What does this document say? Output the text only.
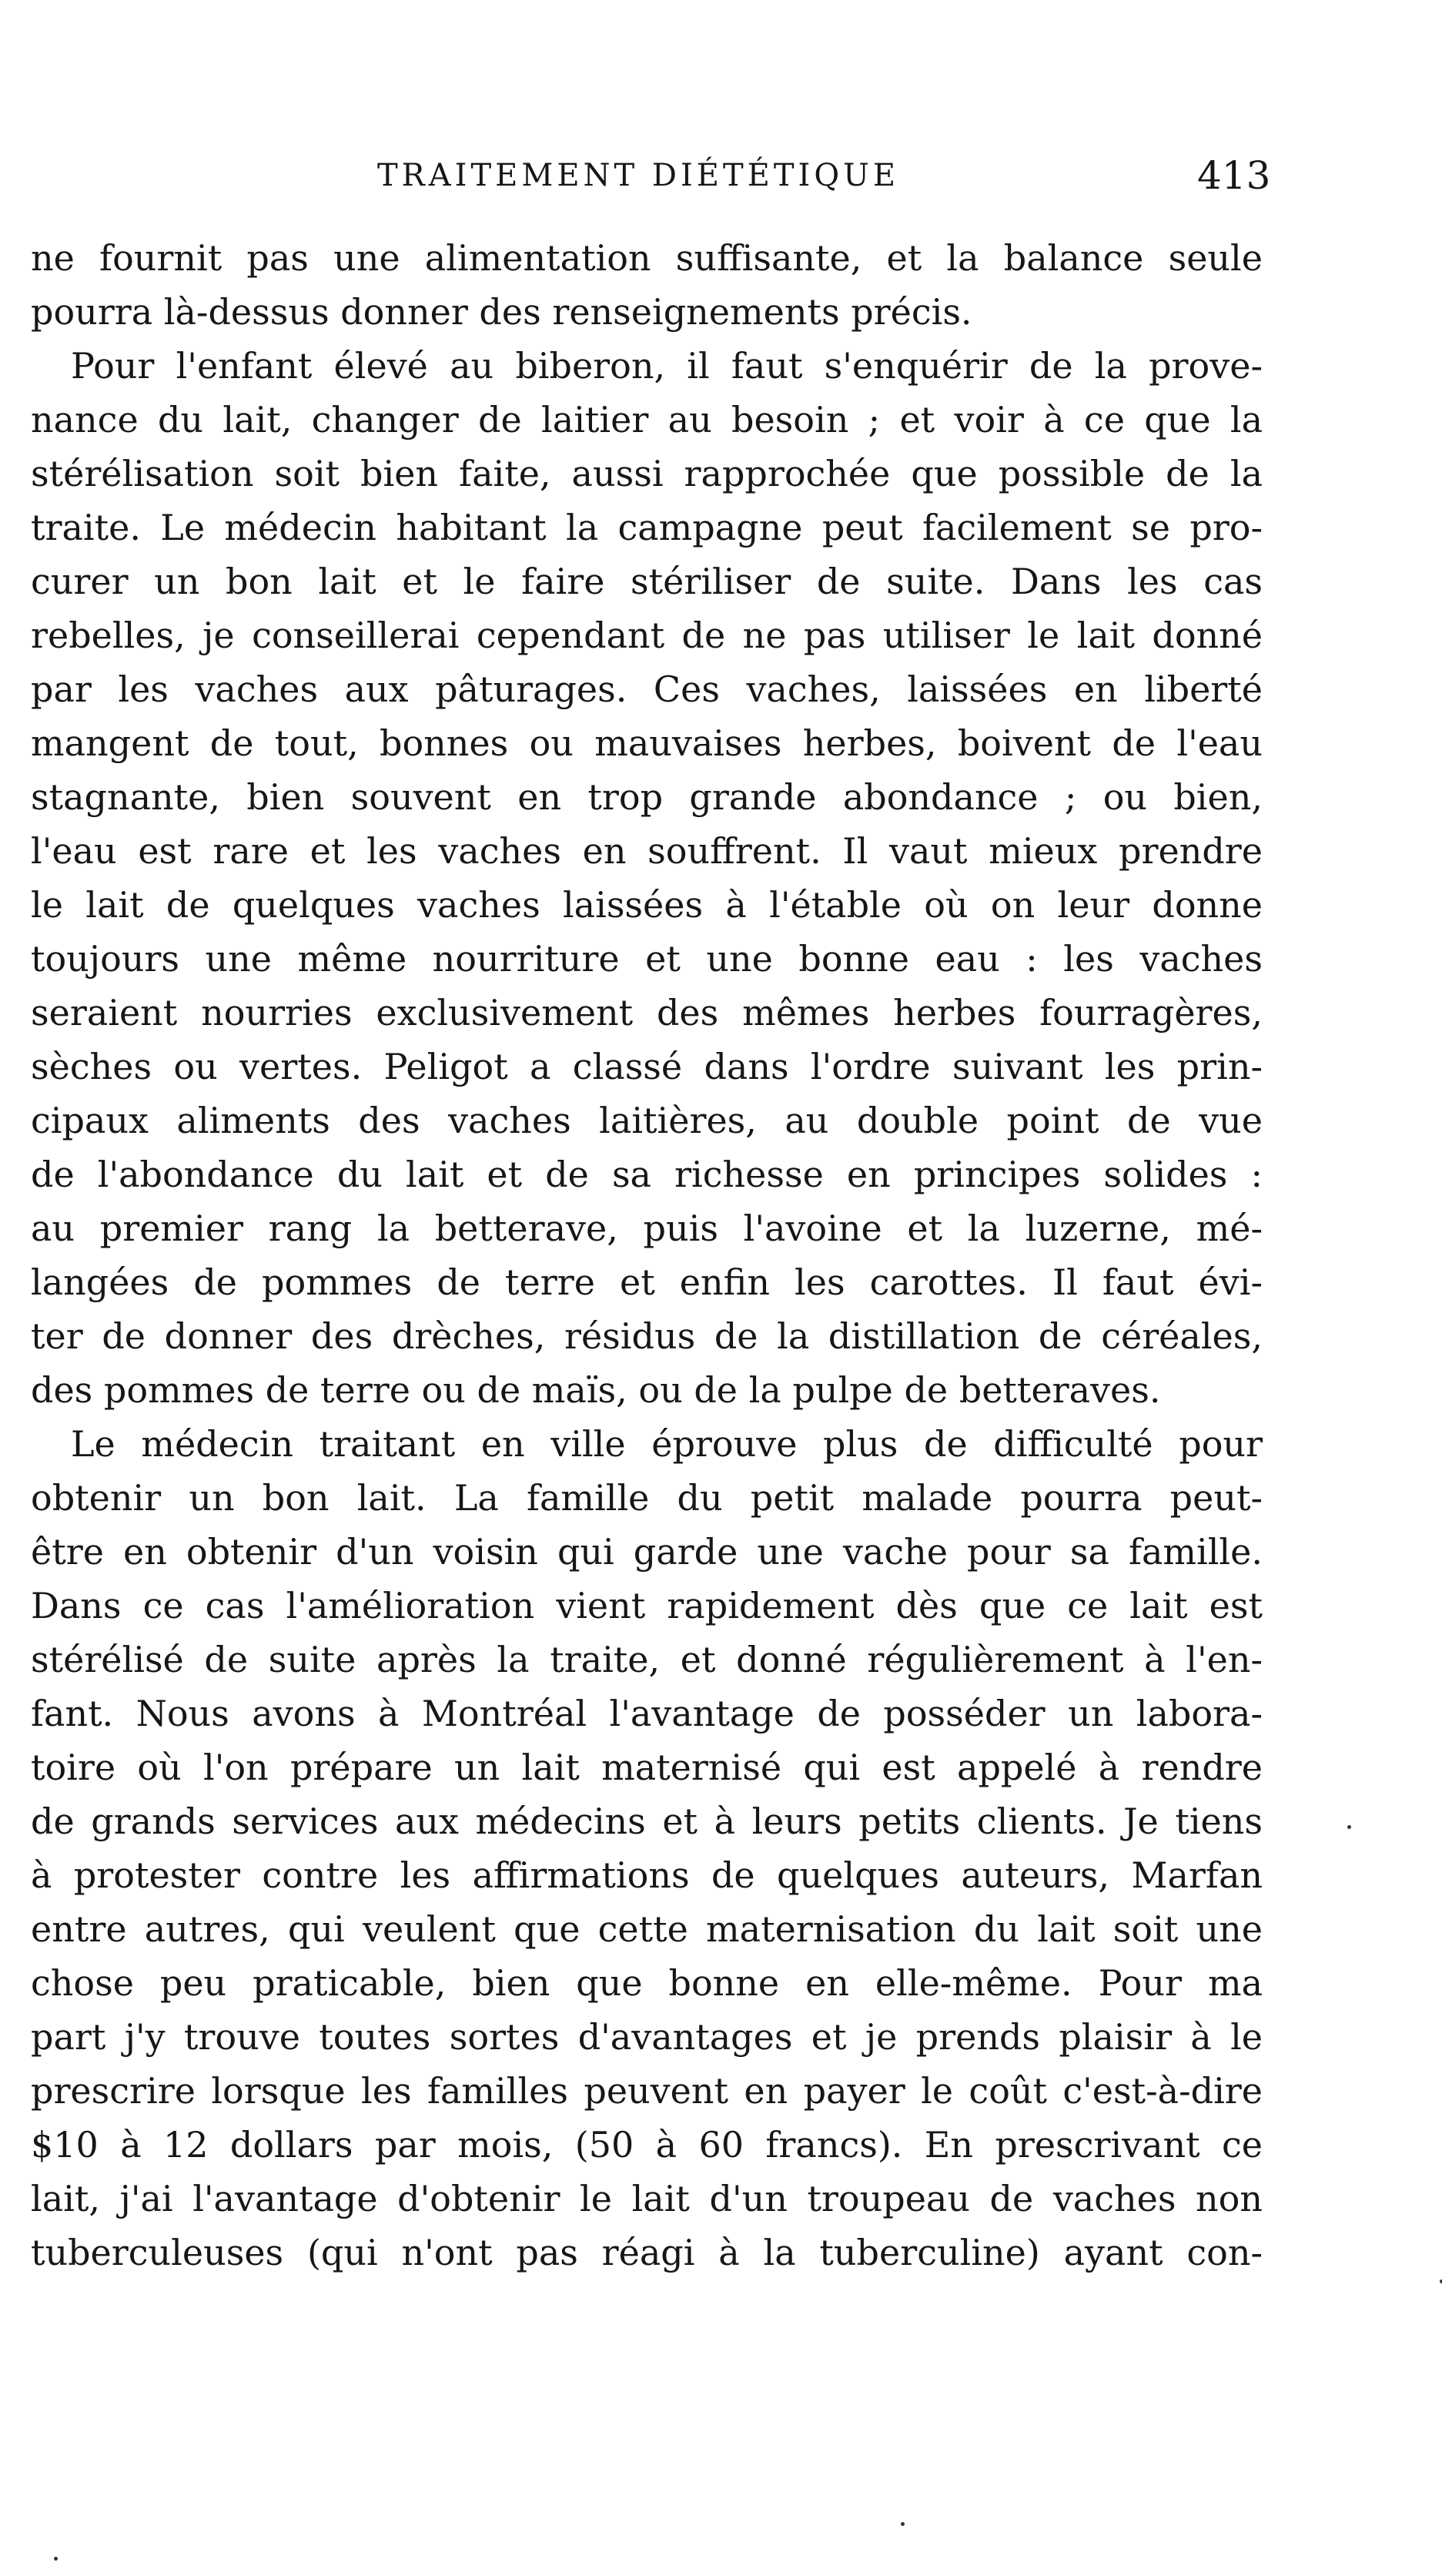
TRAITEMENT DIÉTÉTIQUE	413
ne fournit pas une alimentation suffisante, et la balance seule
pourra là-dessus donner des renseignements précis.
Pour l'enfant élevé au biberon, il faut s'enquérir de la prove-
nance du lait, changer de laitier au besoin ; et voir à ce que la
stérélisation soit bien faite, aussi rapprochée que possible de la
traite. Le médecin habitant la campagne peut facilement se pro-
curer un bon lait et le faire stériliser de suite. Dans les cas
rebelles, je conseillerai cependant de ne pas utiliser le lait donné
par les vaches aux pâturages. Ces vaches, laissées en liberté
mangent de tout, bonnes ou mauvaises herbes, boivent de l'eau
stagnante, bien souvent en trop grande abondance ; ou bien,
l'eau est rare et les vaches en souffrent. Il vaut mieux prendre
le lait de quelques vaches laissées à l'étable où on leur donne
toujours une même nourriture et une bonne eau : les vaches
seraient nourries exclusivement des mêmes herbes fourragères,
sèches ou vertes. Peligot a classé dans l'ordre suivant les prin-
cipaux aliments des vaches laitières, au double point de vue
de l'abondance du lait et de sa richesse en principes solides :
au premier rang la betterave, puis l'avoine et la luzerne, mé-
langées de pommes de terre et enfin les carottes. Il faut évi-
ter de donner des drèches, résidus de la distillation de céréales,
des pommes de terre ou de maïs, ou de la pulpe de betteraves.
Le médecin traitant en ville éprouve plus de difficulté pour
obtenir un bon lait. La famille du petit malade pourra peut-
être en obtenir d'un voisin qui garde une vache pour sa famille.
Dans ce cas l'amélioration vient rapidement dès que ce lait est
stérélisé de suite après la traite, et donné régulièrement à l'en-
fant. Nous avons à Montréal l'avantage de posséder un labora-
toire où l'on prépare un lait maternisé qui est appelé à rendre
de grands services aux médecins et à leurs petits clients. Je tiens
à protester contre les affirmations de quelques auteurs, Marfan
entre autres, qui veulent que cette maternisation du lait soit une
chose peu praticable, bien que bonne en elle-même. Pour ma
part j'y trouve toutes sortes d'avantages et je prends plaisir à le
prescrire lorsque les familles peuvent en payer le coût c'est-à-dire
$10 à 12 dollars par mois, (50 à 60 francs). En prescrivant ce
lait, j'ai l'avantage d'obtenir le lait d'un troupeau de vaches non
tuberculeuses (qui n'ont pas réagi à la tuberculine) ayant con-
